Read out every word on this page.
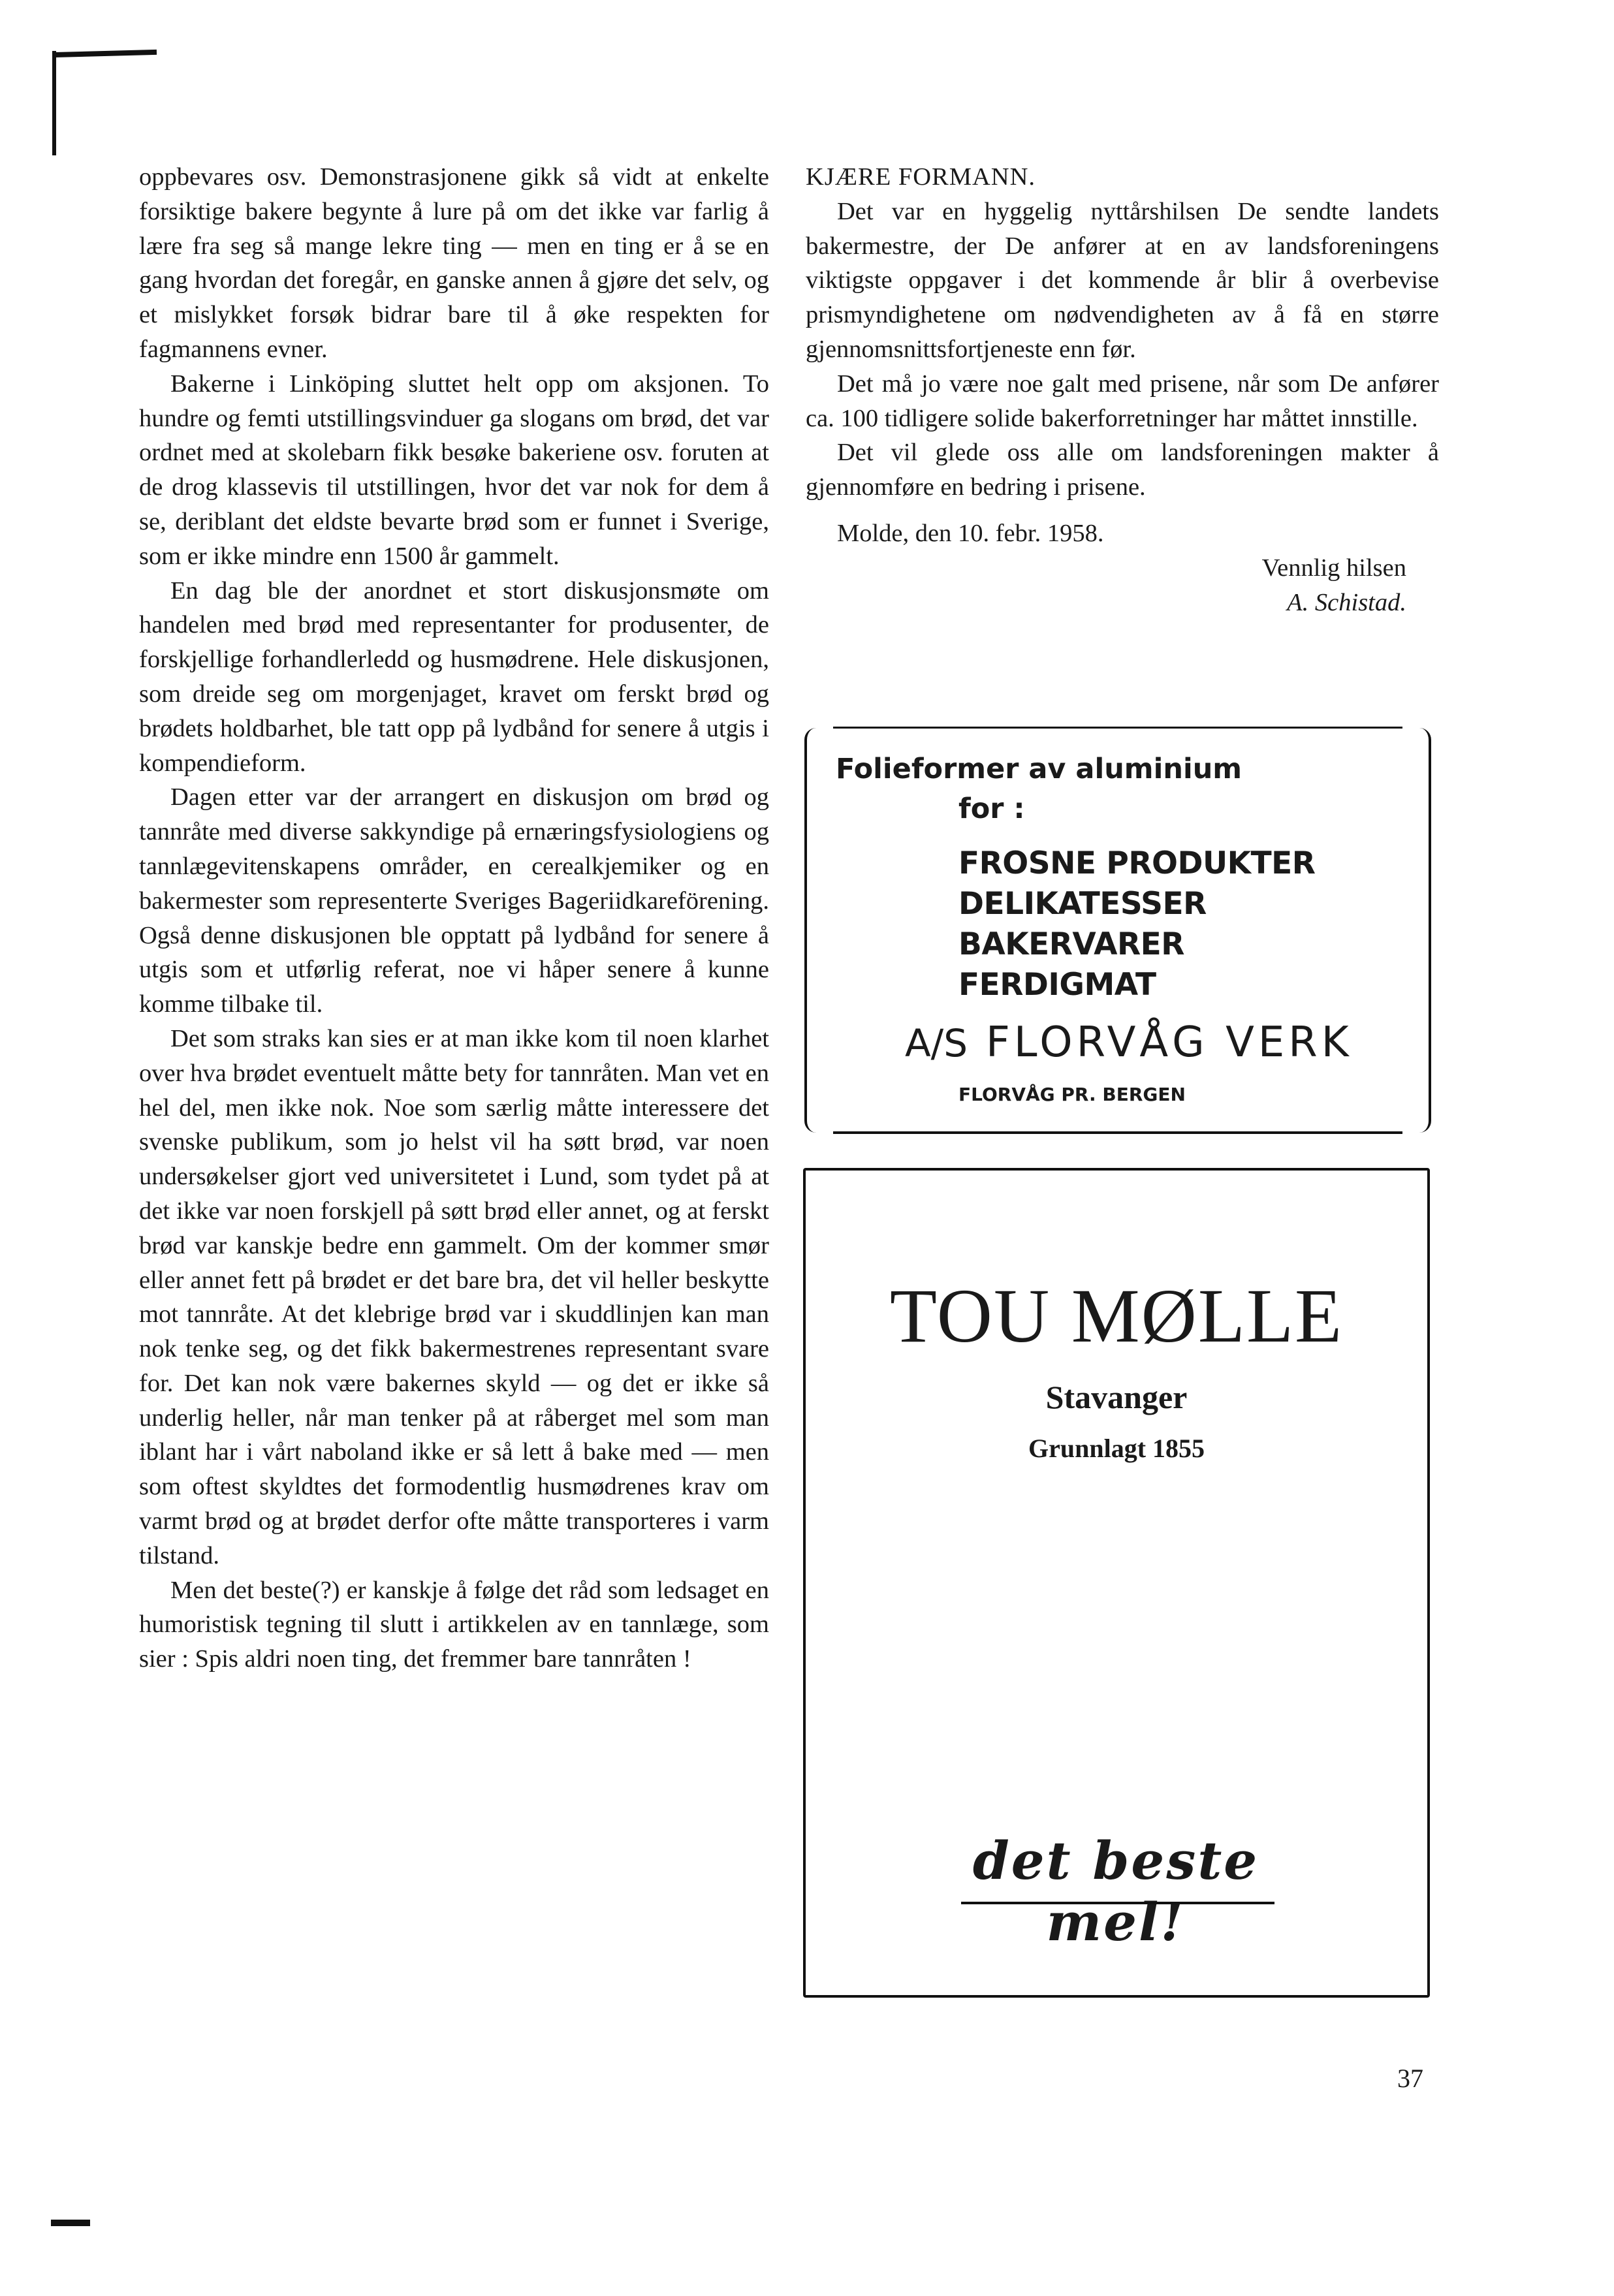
oppbevares osv. Demonstrasjonene gikk så vidt at enkelte forsiktige bakere begynte å lure på om det ikke var farlig å lære fra seg så mange lekre ting — men en ting er å se en gang hvordan det foregår, en ganske annen å gjøre det selv, og et mislykket forsøk bidrar bare til å øke respekten for fagmannens evner.

Bakerne i Linköping sluttet helt opp om aksjonen. To hundre og femti utstillingsvinduer ga slogans om brød, det var ordnet med at skolebarn fikk besøke bakeriene osv. foruten at de drog klassevis til utstillingen, hvor det var nok for dem å se, deriblant det eldste bevarte brød som er funnet i Sverige, som er ikke mindre enn 1500 år gammelt.

En dag ble der anordnet et stort diskusjonsmøte om handelen med brød med representanter for produsenter, de forskjellige forhandlerledd og husmødrene. Hele diskusjonen, som dreide seg om morgenjaget, kravet om ferskt brød og brødets holdbarhet, ble tatt opp på lydbånd for senere å utgis i kompendieform.

Dagen etter var der arrangert en diskusjon om brød og tannråte med diverse sakkyndige på ernæringsfysiologiens og tannlægevitenskapens områder, en cerealkjemiker og en bakermester som representerte Sveriges Bageriidkareförening. Også denne diskusjonen ble opptatt på lydbånd for senere å utgis som et utførlig referat, noe vi håper senere å kunne komme tilbake til.

Det som straks kan sies er at man ikke kom til noen klarhet over hva brødet eventuelt måtte bety for tannråten. Man vet en hel del, men ikke nok. Noe som særlig måtte interessere det svenske publikum, som jo helst vil ha søtt brød, var noen undersøkelser gjort ved universitetet i Lund, som tydet på at det ikke var noen forskjell på søtt brød eller annet, og at ferskt brød var kanskje bedre enn gammelt. Om der kommer smør eller annet fett på brødet er det bare bra, det vil heller beskytte mot tannråte. At det klebrige brød var i skuddlinjen kan man nok tenke seg, og det fikk bakermestrenes representant svare for. Det kan nok være bakernes skyld — og det er ikke så underlig heller, når man tenker på at råberget mel som man iblant har i vårt naboland ikke er så lett å bake med — men som oftest skyldtes det formodentlig husmødrenes krav om varmt brød og at brødet derfor ofte måtte transporteres i varm tilstand.

Men det beste(?) er kanskje å følge det råd som ledsaget en humoristisk tegning til slutt i artikkelen av en tannlæge, som sier : Spis aldri noen ting, det fremmer bare tannråten !

KJÆRE FORMANN.

Det var en hyggelig nyttårshilsen De sendte landets bakermestre, der De anfører at en av landsforeningens viktigste oppgaver i det kommende år blir å overbevise prismyndighetene om nødvendigheten av å få en større gjennomsnittsfortjeneste enn før.

Det må jo være noe galt med prisene, når som De anfører ca. 100 tidligere solide bakerforretninger har måttet innstille.

Det vil glede oss alle om landsforeningen makter å gjennomføre en bedring i prisene.

Molde, den 10. febr. 1958.

Vennlig hilsen

A. Schistad.

Folieformer av aluminium
for :
FROSNE PRODUKTER
DELIKATESSER
BAKERVARER
FERDIGMAT
A/S FLORVÅG VERK
FLORVÅG PR. BERGEN
TOU MØLLE
Stavanger
Grunnlagt 1855
det beste mel!
37
